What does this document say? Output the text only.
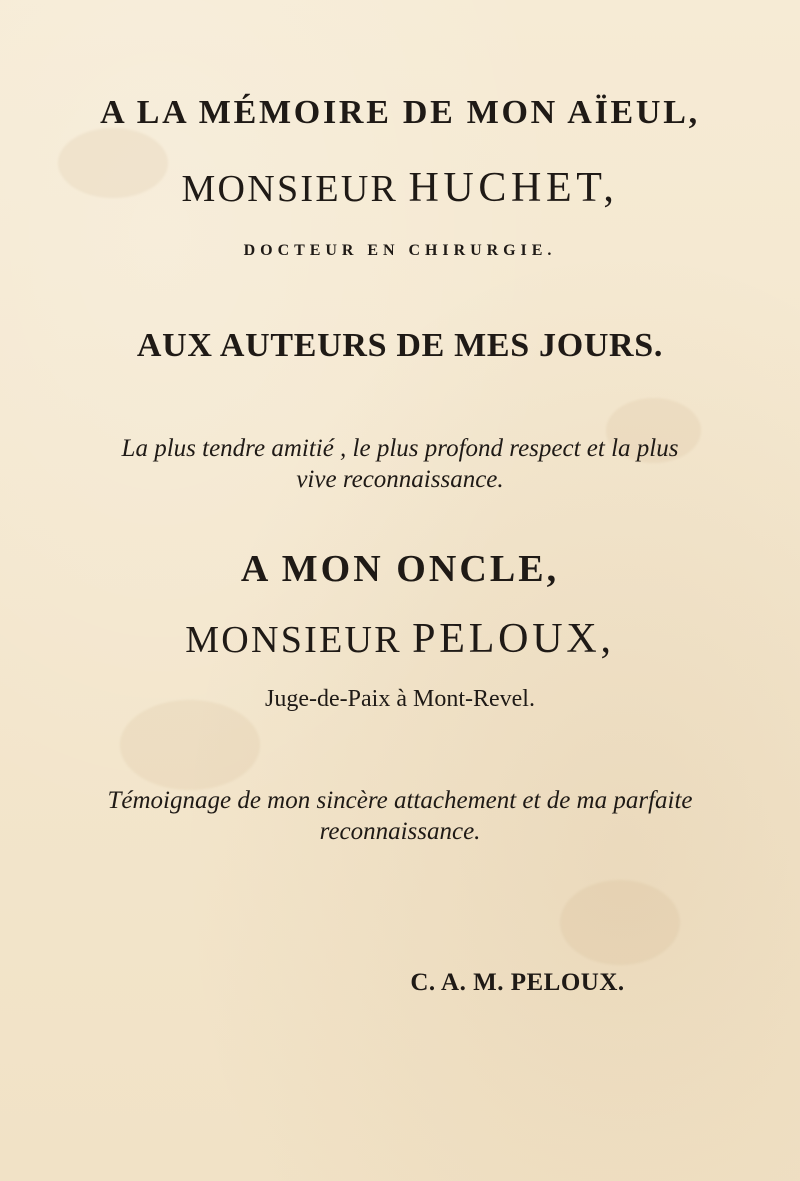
A LA MÉMOIRE DE MON AÏEUL,
MONSIEUR HUCHET,
DOCTEUR EN CHIRURGIE.
AUX AUTEURS DE MES JOURS.
La plus tendre amitié , le plus profond respect et la plus
vive reconnaissance.
A MON ONCLE,
MONSIEUR PELOUX,
Juge-de-Paix à Mont-Revel.
Témoignage de mon sincère attachement et de ma parfaite
reconnaissance.
C. A. M. PELOUX.
